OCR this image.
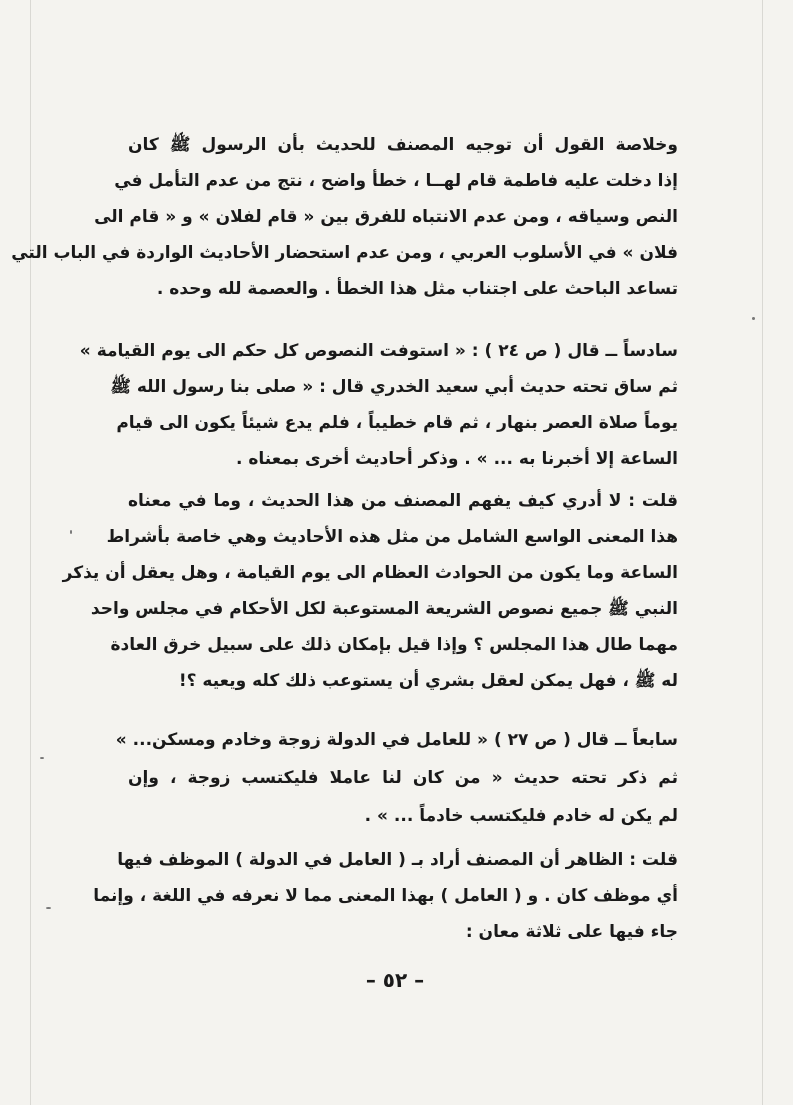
وخلاصة القول أن توجيه المصنف للحديث بأن الرسول ﷺ كان
إذا دخلت عليه فاطمة قام لهــا ، خطأ واضح ، نتج من عدم التأمل في
النص وسياقه ، ومن عدم الانتباه للفرق بين « قام لفلان » و « قام الى
فلان » في الأسلوب العربي ، ومن عدم استحضار الأحاديث الواردة في الباب التي
تساعد الباحث على اجتناب مثل هذا الخطأ . والعصمة لله وحده .
سادساً ــ قال ( ص ٢٤ ) : « استوفت النصوص كل حكم الى يوم القيامة »
ثم ساق تحته حديث أبي سعيد الخدري قال : « صلى بنا رسول الله ﷺ
يوماً صلاة العصر بنهار ، ثم قام خطيباً ، فلم يدع شيئاً يكون الى قيام
الساعة إلا أخبرنا به ... » . وذكر أحاديث أخرى بمعناه .
قلت : لا أدري كيف يفهم المصنف من هذا الحديث ، وما في معناه
هذا المعنى الواسع الشامل من مثل هذه الأحاديث وهي خاصة بأشراط
الساعة وما يكون من الحوادث العظام الى يوم القيامة ، وهل يعقل أن يذكر
النبي ﷺ جميع نصوص الشريعة المستوعبة لكل الأحكام في مجلس واحد
مهما طال هذا المجلس ؟ وإذا قيل بإمكان ذلك على سبيل خرق العادة
له ﷺ ، فهل يمكن لعقل بشري أن يستوعب ذلك كله ويعيه ؟!
سابعاً ــ قال ( ص ٢٧ ) « للعامل في الدولة زوجة وخادم ومسكن... »
ثم ذكر تحته حديث « من كان لنا عاملا فليكتسب زوجة ، وإن
لم يكن له خادم فليكتسب خادماً ... » .
قلت : الظاهر أن المصنف أراد بـ ( العامل في الدولة ) الموظف فيها
أي موظف كان . و ( العامل ) بهذا المعنى مما لا نعرفه في اللغة ، وإنما
جاء فيها على ثلاثة معان :
– ٥٢ –
